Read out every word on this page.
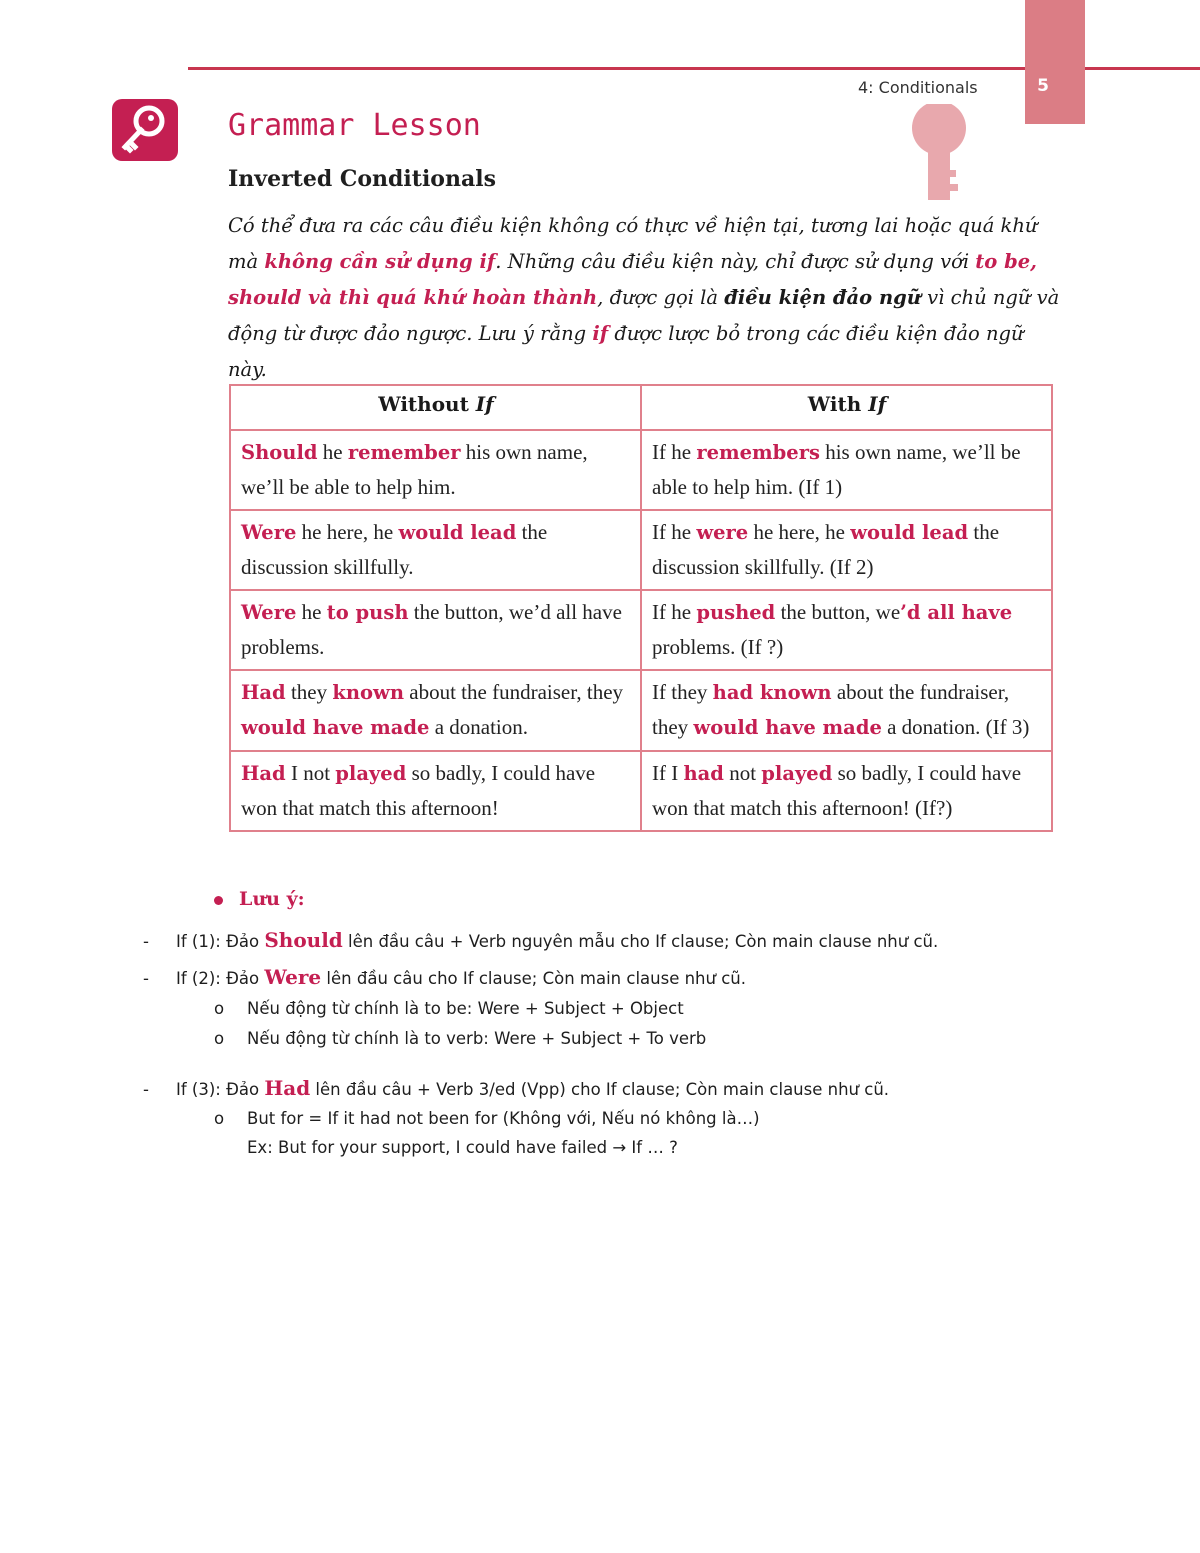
5
4: Conditionals
Grammar Lesson
Inverted Conditionals
Có thể đưa ra các câu điều kiện không có thực về hiện tại, tương lai hoặc quá khứ mà không cần sử dụng if. Những câu điều kiện này, chỉ được sử dụng với to be, should và thì quá khứ hoàn thành, được gọi là điều kiện đảo ngữ vì chủ ngữ và động từ được đảo ngược. Lưu ý rằng if được lược bỏ trong các điều kiện đảo ngữ này.
Without If	With If
Should he remember his own name, we’ll be able to help him.	If he remembers his own name, we’ll be able to help him. (If 1)
Were he here, he would lead the discussion skillfully.	If he were he here, he would lead the discussion skillfully. (If 2)
Were he to push the button, we’d all have problems.	If he pushed the button, we’d all have problems. (If ?)
Had they known about the fundraiser, they would have made a donation.	If they had known about the fundraiser, they would have made a donation. (If 3)
Had I not played so badly, I could have won that match this afternoon!	If I had not played so badly, I could have won that match this afternoon! (If?)
Lưu ý:
- If (1): Đảo Should lên đầu câu + Verb nguyên mẫu cho If clause; Còn main clause như cũ.
- If (2): Đảo Were lên đầu câu cho If clause; Còn main clause như cũ.
o Nếu động từ chính là to be: Were + Subject + Object
o Nếu động từ chính là to verb: Were + Subject + To verb
- If (3): Đảo Had lên đầu câu + Verb 3/ed (Vpp) cho If clause; Còn main clause như cũ.
o But for = If it had not been for (Không với, Nếu nó không là…)
Ex: But for your support, I could have failed → If … ?
